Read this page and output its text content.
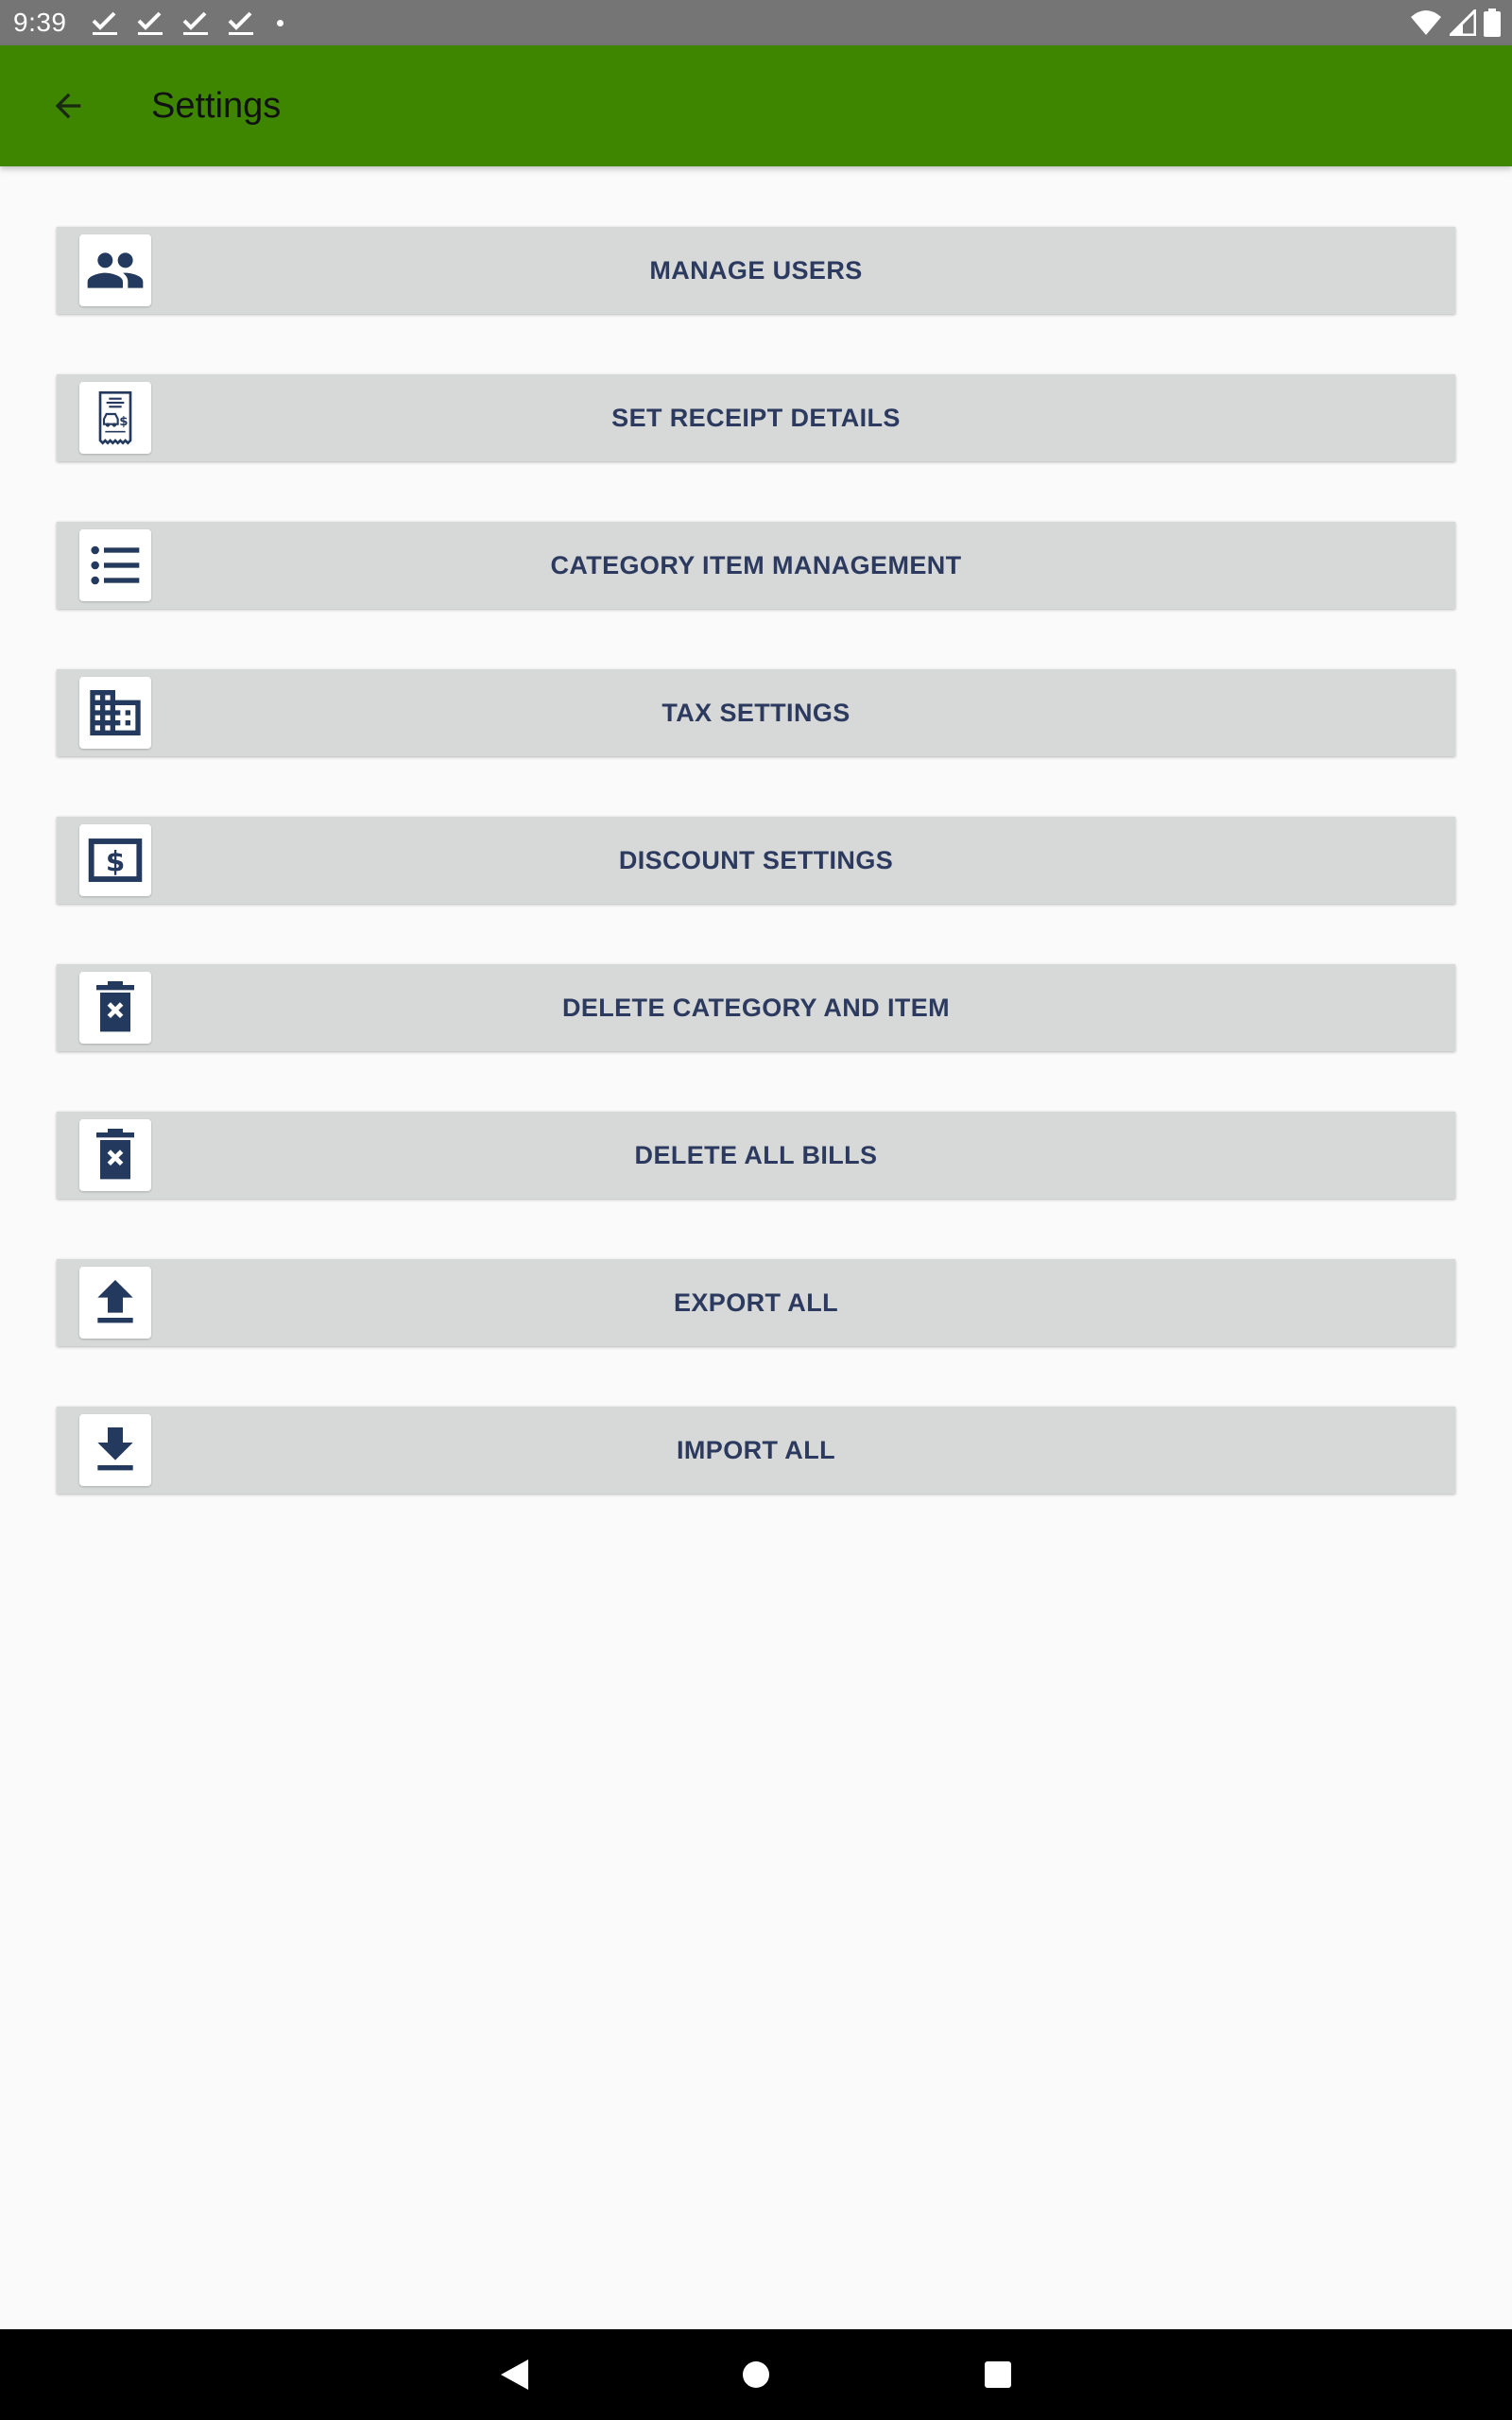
9:39
Settings
MANAGE USERS
$	SET RECEIPT DETAILS
CATEGORY ITEM MANAGEMENT
TAX SETTINGS
$	DISCOUNT SETTINGS
DELETE CATEGORY AND ITEM
DELETE ALL BILLS
EXPORT ALL
IMPORT ALL
